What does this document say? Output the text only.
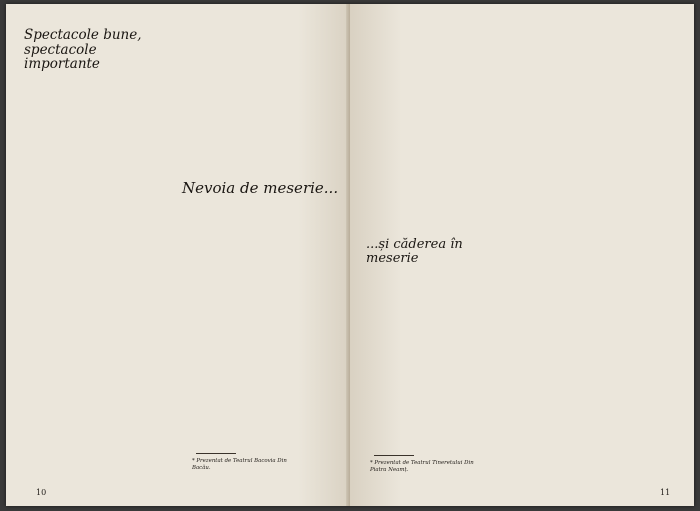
Spectacole bune,
spectacole importante
Nevoia de meserie...
* Prezentat de Teatrul Bacovia Din
Bacău.
10
...și căderea în meserie
* Prezentat de Teatrul Tineretului Din
Piatra Neamț.
11
